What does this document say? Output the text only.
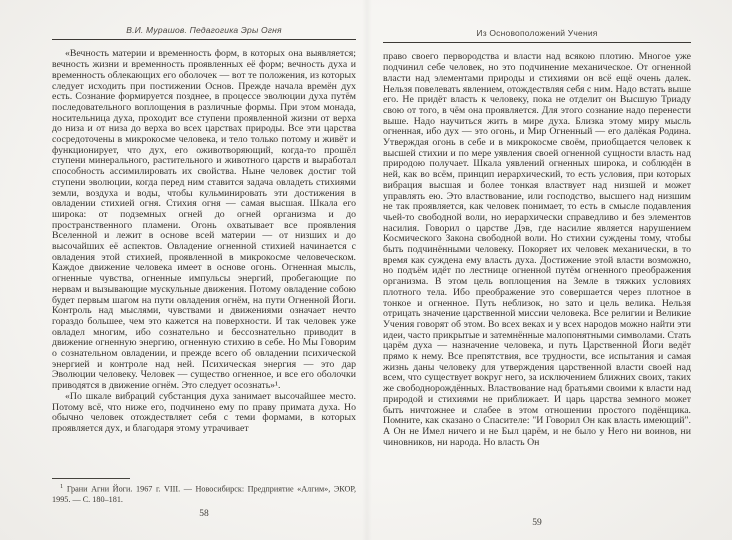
В.И. Мурашов. Педагогика Эры Огня

«Вечность материи и временность форм, в которых она выявляется; вечность жизни и временность проявленных её форм; вечность духа и временность облекающих его оболочек — вот те положения, из которых следует исходить при постижении Основ. Прежде начала времён дух есть. Сознание формируется позднее, в процессе эволюции духа путём последовательного воплощения в различные формы. При этом монада, носительница духа, проходит все ступени проявленной жизни от верха до низа и от низа до верха во всех царствах природы. Все эти царства сосредоточены в микрокосме человека, и тело только потому и живёт и функционирует, что дух, его оживотворяющий, когда-то прошёл ступени минерального, растительного и животного царств и выработал способность ассимилировать их свойства. Ныне человек достиг той ступени эволюции, когда перед ним ставится задача овладеть стихиями земли, воздуха и воды, чтобы кульминировать эти достижения в овладении стихией огня. Стихия огня — самая высшая. Шкала его широка: от подземных огней до огней организма и до пространственного пламени. Огонь охватывает все проявления Вселенной и лежит в основе всей материи — от низших и до высочайших её аспектов. Овладение огненной стихией начинается с овладения этой стихией, проявленной в микрокосме человеческом. Каждое движение человека имеет в основе огонь. Огненная мысль, огненные чувства, огненные импульсы энергий, пробегающие по нервам и вызывающие мускульные движения. Потому овладение собою будет первым шагом на пути овладения огнём, на пути Огненной Йоги. Контроль над мыслями, чувствами и движениями означает нечто гораздо большее, чем это кажется на поверхности. И так человек уже овладел многим, ибо сознательно и бессознательно приводит в движение огненную энергию, огненную стихию в себе. Но Мы Говорим о сознательном овладении, и прежде всего об овладении психической энергией и контроле над ней. Психическая энергия — это дар Эволюции человеку. Человек — существо огненное, и все его оболочки приводятся в движение огнём. Это следует осознать»¹.

«По шкале вибраций субстанция духа занимает высочайшее место. Потому всё, что ниже его, подчинено ему по праву примата духа. Но обычно человек отождествляет себя с теми формами, в которых проявляется дух, и благодаря этому утрачивает

$^1$ Грани Агни Йоги. 1967 г. VIII. — Новосибирск: Предприятие «Алгим», ЭКОР, 1995. — С. 180–181.
58
Из Основоположений Учения

право своего первородства и власти над всякою плотию. Многое уже подчинил себе человек, но это подчинение механическое. От огненной власти над элементами природы и стихиями он всё ещё очень далек. Нельзя повелевать явлением, отождествляя себя с ним. Надо встать выше его. Не придёт власть к человеку, пока не отделит он Высшую Триаду свою от того, в чём она проявляется. Для этого сознание надо перенести выше. Надо научиться жить в мире духа. Близка этому миру мысль огненная, ибо дух — это огонь, и Мир Огненный — его далёкая Родина. Утверждая огонь в себе и в микрокосме своём, приобщается человек к высшей стихии и по мере уявления своей огненной сущности власть над природою получает. Шкала уявлений огненных широка, и соблюдён в ней, как во всём, принцип иерархический, то есть условия, при которых вибрация высшая и более тонкая властвует над низшей и может управлять ею. Это властвование, или господство, высшего над низшим не так проявляется, как человек понимает, то есть в смысле подавления чьей-то свободной воли, но иерархически справедливо и без элементов насилия. Говорил о царстве Дэв, где насилие является нарушением Космического Закона свободной воли. Но стихии суждены тому, чтобы быть подчинёнными человеку. Покоряет их человек механически, в то время как суждена ему власть духа. Достижение этой власти возможно, но подъём идёт по лестнице огненной путём огненного преображения организма. В этом цель воплощения на Земле в тяжких условиях плотного тела. Ибо преображение это совершается через плотное в тонкое и огненное. Путь неблизок, но зато и цель велика. Нельзя отрицать значение царственной миссии человека. Все религии и Великие Учения говорят об этом. Во всех веках и у всех народов можно найти эти идеи, часто прикрытые и затемнённые малопонятными символами. Стать царём духа — назначение человека, и путь Царственной Йоги ведёт прямо к нему. Все препятствия, все трудности, все испытания и самая жизнь даны человеку для утверждения царственной власти своей над всем, что существует вокруг него, за исключением ближних своих, таких же свободнорождённых. Властвование над братьями своими к власти над природой и стихиями не приближает. И царь царства земного может быть ничтожнее и слабее в этом отношении простого подёнщика. Помните, как сказано о Спасителе: "И Говорил Он как власть имеющий". А Он не Имел ничего и не Был царём, и не было у Него ни воинов, ни чиновников, ни народа. Но власть Он

59
